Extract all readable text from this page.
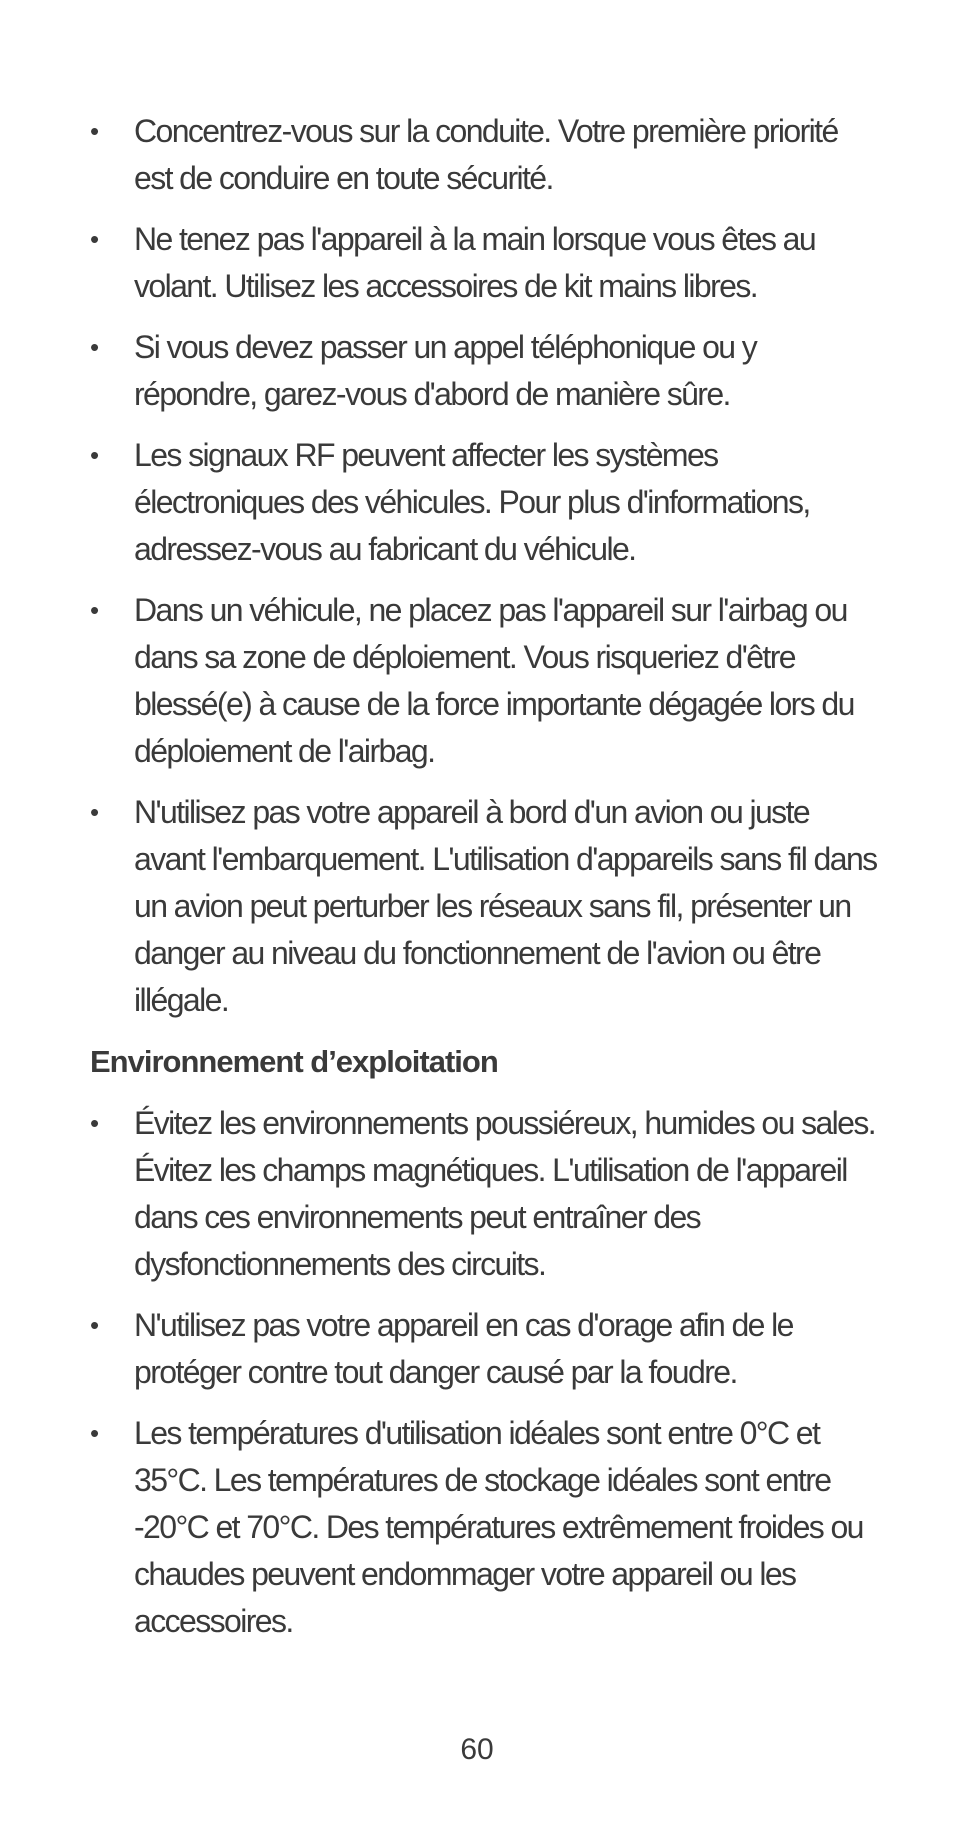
•	Concentrez-vous sur la conduite. Votre première priorité est de conduire en toute sécurité.
•	Ne tenez pas l'appareil à la main lorsque vous êtes au volant. Utilisez les accessoires de kit mains libres.
•	Si vous devez passer un appel téléphonique ou y répondre, garez-vous d'abord de manière sûre.
•	Les signaux RF peuvent affecter les systèmes électroniques des véhicules. Pour plus d'informations, adressez-vous au fabricant du véhicule.
•	Dans un véhicule, ne placez pas l'appareil sur l'airbag ou dans sa zone de déploiement. Vous risqueriez d'être blessé(e) à cause de la force importante dégagée lors du déploiement de l'airbag.
•	N'utilisez pas votre appareil à bord d'un avion ou juste avant l'embarquement. L'utilisation d'appareils sans fil dans un avion peut perturber les réseaux sans fil, présenter un danger au niveau du fonctionnement de l'avion ou être illégale.
Environnement d’exploitation
•	Évitez les environnements poussiéreux, humides ou sales. Évitez les champs magnétiques. L'utilisation de l'appareil dans ces environnements peut entraîner des dysfonctionnements des circuits.
•	N'utilisez pas votre appareil en cas d'orage afin de le protéger contre tout danger causé par la foudre.
•	Les températures d'utilisation idéales sont entre 0°C et 35°C. Les températures de stockage idéales sont entre -20°C et 70°C. Des températures extrêmement froides ou chaudes peuvent endommager votre appareil ou les accessoires.
60
